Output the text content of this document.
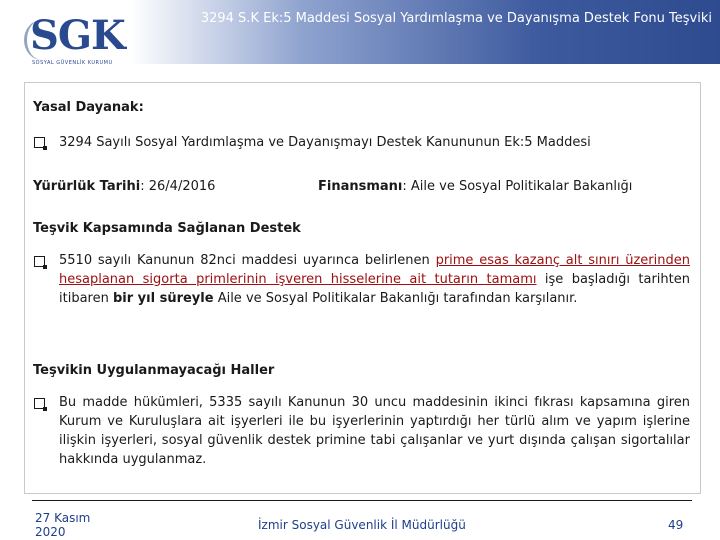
SGK
SOSYAL GÜVENLİK KURUMU
3294 S.K Ek:5 Maddesi Sosyal Yardımlaşma ve Dayanışma Destek Fonu Teşviki
Yasal Dayanak:
3294 Sayılı Sosyal Yardımlaşma ve Dayanışmayı Destek Kanununun Ek:5 Maddesi
Yürürlük Tarihi: 26/4/2016	Finansmanı: Aile ve Sosyal Politikalar Bakanlığı
Teşvik Kapsamında Sağlanan Destek
5510 sayılı Kanunun 82nci maddesi uyarınca belirlenen prime esas kazanç alt sınırı üzerinden hesaplanan sigorta primlerinin işveren hisselerine ait tutarın tamamı işe başladığı tarihten itibaren bir yıl süreyle Aile ve Sosyal Politikalar Bakanlığı tarafından karşılanır.
Teşvikin Uygulanmayacağı Haller
Bu madde hükümleri, 5335 sayılı Kanunun 30 uncu maddesinin ikinci fıkrası kapsamına giren Kurum ve Kuruluşlara ait işyerleri ile bu işyerlerinin yaptırdığı her türlü alım ve yapım işlerine ilişkin işyerleri, sosyal güvenlik destek primine tabi çalışanlar ve yurt dışında çalışan sigortalılar hakkında uygulanmaz.
27 Kasım
2020	İzmir Sosyal Güvenlik İl Müdürlüğü	49
